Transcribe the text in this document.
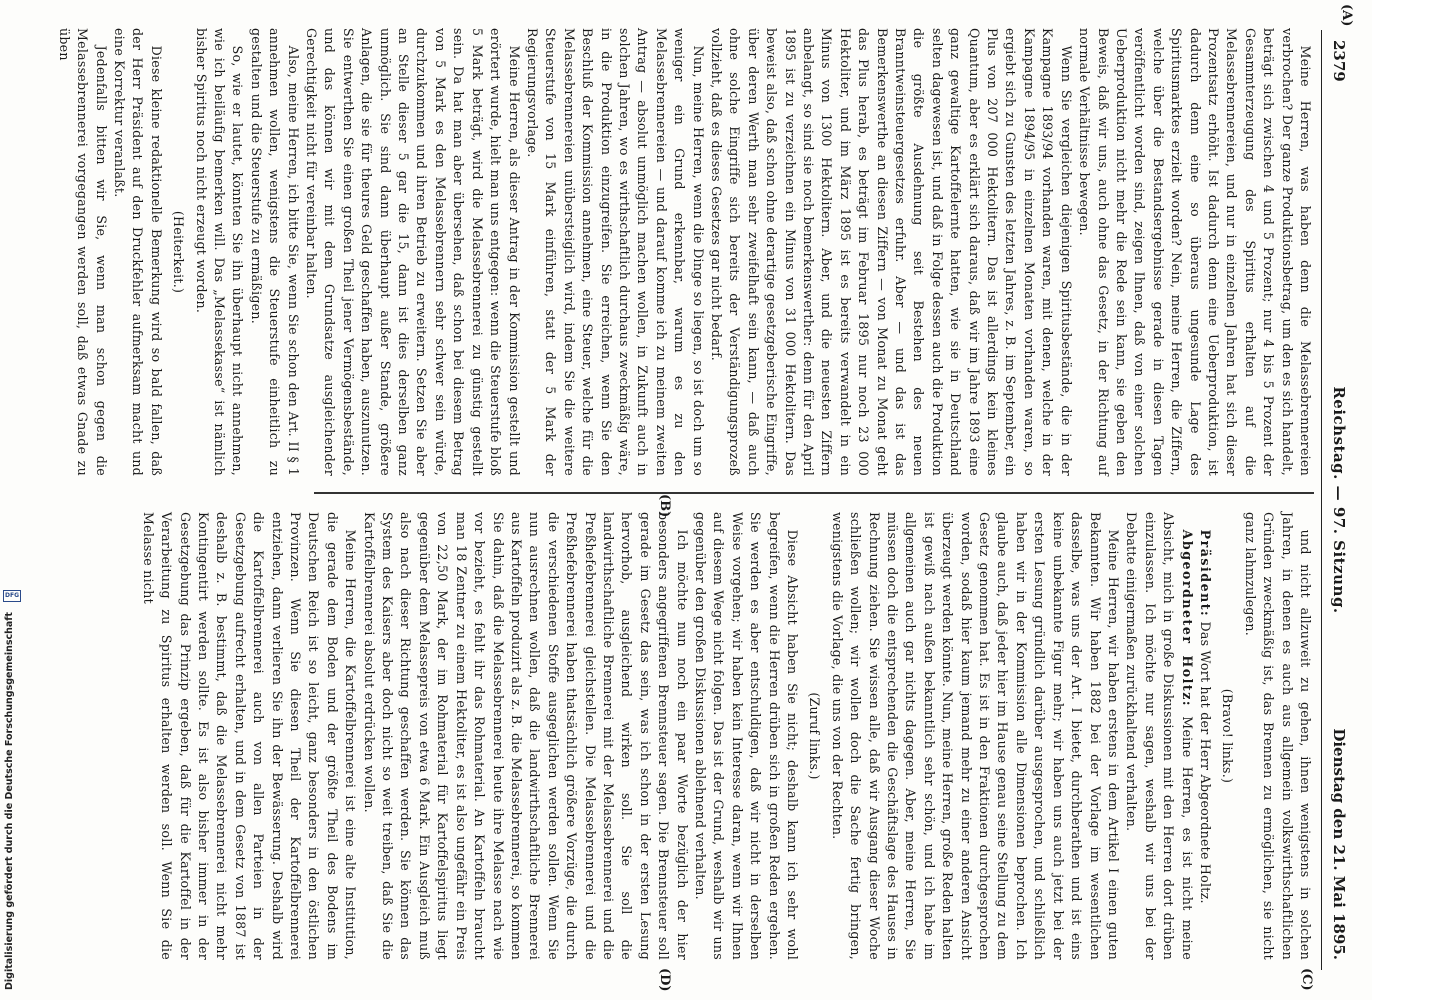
2379
Reichstag. — 97. Sitzung.
Dienstag den 21. Mai 1895.
(A)
(B)
(C)
(D)

Meine Herren, was haben denn die Melassebrennereien verbrochen? Der ganze Produktionsbetrag, um den es sich handelt, beträgt sich zwischen 4 und 5 Prozent; nur 4 bis 5 Prozent der Gesammterzeugung des Spiritus erhalten auf die Melassebrennereien, und nur in einzelnen Jahren hat sich dieser Prozentsatz erhöht. Ist dadurch denn eine Ueberproduktion, ist dadurch denn eine so überaus ungesunde Lage des Spiritusmarktes erzielt worden? Nein, meine Herren, die Ziffern, welche über die Bestandsergebnisse gerade in diesen Tagen veröffentlicht worden sind, zeigen Ihnen, daß von einer solchen Ueberproduktion nicht mehr die Rede sein kann, sie geben den Beweis, daß wir uns, auch ohne das Gesetz, in der Richtung auf normale Verhältnisse bewegen.

Wenn Sie vergleichen diejenigen Spiritusbestände, die in der Kampagne 1893/94 vorhanden waren, mit denen, welche in der Kampagne 1894/95 in einzelnen Monaten vorhanden waren, so ergiebt sich zu Gunsten des letzten Jahres, z. B. im September, ein Plus von 207 000 Hektolitern. Das ist allerdings kein kleines Quantum, aber es erklärt sich daraus, daß wir im Jahre 1893 eine ganz gewaltige Kartoffelernte hatten, wie sie in Deutschland selten dagewesen ist, und daß in Folge dessen auch die Produktion die größte Ausdehnung seit Bestehen des neuen Branntweinsteuergesetzes erfuhr. Aber — und das ist das Bemerkenswerthe an diesen Ziffern — von Monat zu Monat geht das Plus herab, es beträgt im Februar 1895 nur noch 23 000 Hektoliter, und im März 1895 ist es bereits verwandelt in ein Minus von 1300 Hektolitern. Aber, und die neuesten Ziffern anbelangt, so sind sie noch bemerkenswerther: denn für den April 1895 ist zu verzeichnen ein Minus von 31 000 Hektolitern. Das beweist also, daß schon ohne derartige gesetzgeberische Eingriffe, über deren Werth man sehr zweifelhaft sein kann, — daß auch ohne solche Eingriffe sich bereits der Verständigungsprozeß vollzieht, daß es dieses Gesetzes gar nicht bedarf.

Nun, meine Herren, wenn die Dinge so liegen, so ist doch um so weniger ein Grund erkennbar, warum es zu den Melassebrennereien — und darauf komme ich zu meinem zweiten Antrag — absolut unmöglich machen wollen, in Zukunft auch in solchen Jahren, wo es wirthschaftlich durchaus zweckmäßig wäre, in die Produktion einzugreifen. Sie erreichen, wenn Sie den Beschluß der Kommission annehmen, eine Steuer, welche für die Melassebrennereien unübersteiglich wird, indem Sie die weitere Steuerstufe von 15 Mark einführen, statt der 5 Mark der Regierungsvorlage.

Meine Herren, als dieser Antrag in der Kommission gestellt und erörtert wurde, hielt man uns entgegen: wenn die Steuerstufe bloß 5 Mark beträgt, wird die Melassebrennerei zu günstig gestellt sein. Da hat man aber übersehen, daß schon bei diesem Betrag von 5 Mark es den Melassebrennern sehr schwer sein würde, durchzukommen und ihren Betrieb zu erweitern. Setzen Sie aber an Stelle dieser 5 gar die 15, dann ist dies derselben ganz unmöglich. Sie sind dann überhaupt außer Stande, größere Anlagen, die sie für theures Geld geschaffen haben, auszunutzen. Sie entwerthen Sie einen großen Theil jener Vermögensbestände, und das können wir mit dem Grundsatze ausgleichender Gerechtigkeit nicht für vereinbar halten.

Also, meine Herren, ich bitte Sie, wenn Sie schon den Art. II § 1 annehmen wollen, wenigstens die Steuerstufe einheitlich zu gestalten und die Steuerstufe zu ermäßigen.

So, wie er lautet, könnten Sie ihn überhaupt nicht annehmen, wie ich beiläufig bemerken will. Das „Melassekasse“ ist nämlich bisher Spiritus noch nicht erzeugt worden.

(Heiterkeit.)

Diese kleine redaktionelle Bemerkung wird so bald fallen, daß der Herr Präsident auf den Druckfehler aufmerksam macht und eine Korrektur veranlaßt.

Jedenfalls bitten wir Sie, wenn man schon gegen die Melassebrennerei vorgegangen werden soll, daß etwas Gnade zu üben

und nicht allzuweit zu gehen, ihnen wenigstens in solchen Jahren, in denen es auch aus allgemein volkswirthschaftlichen Gründen zweckmäßig ist, das Brennen zu ermöglichen, sie nicht ganz lahmzulegen.

(Bravo! links.)

Präsident: Das Wort hat der Herr Abgeordnete Holtz.

Abgeordneter Holtz: Meine Herren, es ist nicht meine Absicht, mich in große Diskussionen mit den Herren dort drüben einzulassen. Ich möchte nur sagen, weshalb wir uns bei der Debatte einigermaßen zurückhaltend verhalten.

Meine Herren, wir haben erstens in dem Artikel I einen guten Bekannten. Wir haben 1882 bei der Vorlage im wesentlichen dasselbe, was uns der Art. I bietet, durchberathen und ist eins keine unbekannte Figur mehr; wir haben uns auch jetzt bei der ersten Lesung gründlich darüber ausgesprochen, und schließlich haben wir in der Kommission alle Dimensionen beprochen. Ich glaube auch, daß jeder hier im Hause genau seine Stellung zu dem Gesetz genommen hat. Es ist in den Fraktionen durchgesprochen worden, sodaß hier kaum jemand mehr zu einer anderen Ansicht überzeugt werden könnte. Nun, meine Herren, große Reden halten ist gewiß nach außen bekanntlich sehr schön, und ich habe im allgemeinen auch gar nichts dagegen. Aber, meine Herren, Sie müssen doch die entsprechenden die Geschäftslage des Hauses in Rechnung ziehen. Sie wissen alle, daß wir Ausgang dieser Woche schließen wollen; wir wollen doch die Sache fertig bringen, wenigstens die Vorlage, die uns von der Rechten.

(Zuruf links.)

Diese Absicht haben Sie nicht; deshalb kann ich sehr wohl begreifen, wenn die Herren drüben sich in großen Reden ergehen. Sie werden es aber entschuldigen, daß wir nicht in derselben Weise vorgehen; wir haben kein Interesse daran, wenn wir Ihnen auf diesem Wege nicht folgen. Das ist der Grund, weshalb wir uns gegenüber den großen Diskussionen ablehnend verhalten.

Ich möchte nun noch ein paar Worte bezüglich der hier besonders angegriffenen Brennsteuer sagen. Die Brennsteuer soll gerade im Gesetz das sein, was ich schon in der ersten Lesung hervorhob, ausgleichend wirken soll. Sie soll die landwirthschaftliche Brennerei mit der Melassebrennerei und die Preßhefebrennerei gleichstellen. Die Melassebrennerei und die Preßhefebrennerei haben thatsächlich größere Vorzüge, die durch die verschiedenen Stoffe ausgeglichen werden sollen. Wenn Sie nun ausrechnen wollen, daß die landwirthschaftliche Brennerei aus Kartoffeln produzirt als z. B. die Melassebrennerei, so kommen Sie dahin, daß die Melassebrennerei heute ihre Melasse nach wie vor bezieht, es fehlt ihr das Rohmaterial. An Kartoffeln braucht man 18 Zentner zu einem Hektoliter, es ist also ungefähr ein Preis von 22,50 Mark, der im Rohmaterial für Kartoffelspiritus liegt gegenüber dem Melassepreis von etwa 6 Mark. Ein Ausgleich muß also nach dieser Richtung geschaffen werden. Sie können das System des Kaisers aber doch nicht so weit treiben, daß Sie die Kartoffelbrennerei absolut erdrücken wollen.

Meine Herren, die Kartoffelbrennerei ist eine alte Institution, die gerade dem Boden und der größte Theil des Bodens im Deutschen Reich ist so leicht, ganz besonders in den östlichen Provinzen. Wenn Sie diesen Theil der Kartoffelbrennerei entziehen, dann verlieren Sie ihn der Bewässerung. Deshalb wird die Kartoffelbrennerei auch von allen Parteien in der Gesetzgebung aufrecht erhalten, und in dem Gesetz von 1887 ist deshalb z. B. bestimmt, daß die Melassebrennerei nicht mehr Kontingentirt werden sollte. Es ist also bisher immer in der Gesetzgebung das Prinzip ergeben, daß für die Kartoffel in der Verarbeitung zu Spiritus erhalten werden soll. Wenn Sie die Melasse nicht

DFG
Digitalisierung gefördert durch die Deutsche Forschungsgemeinschaft
